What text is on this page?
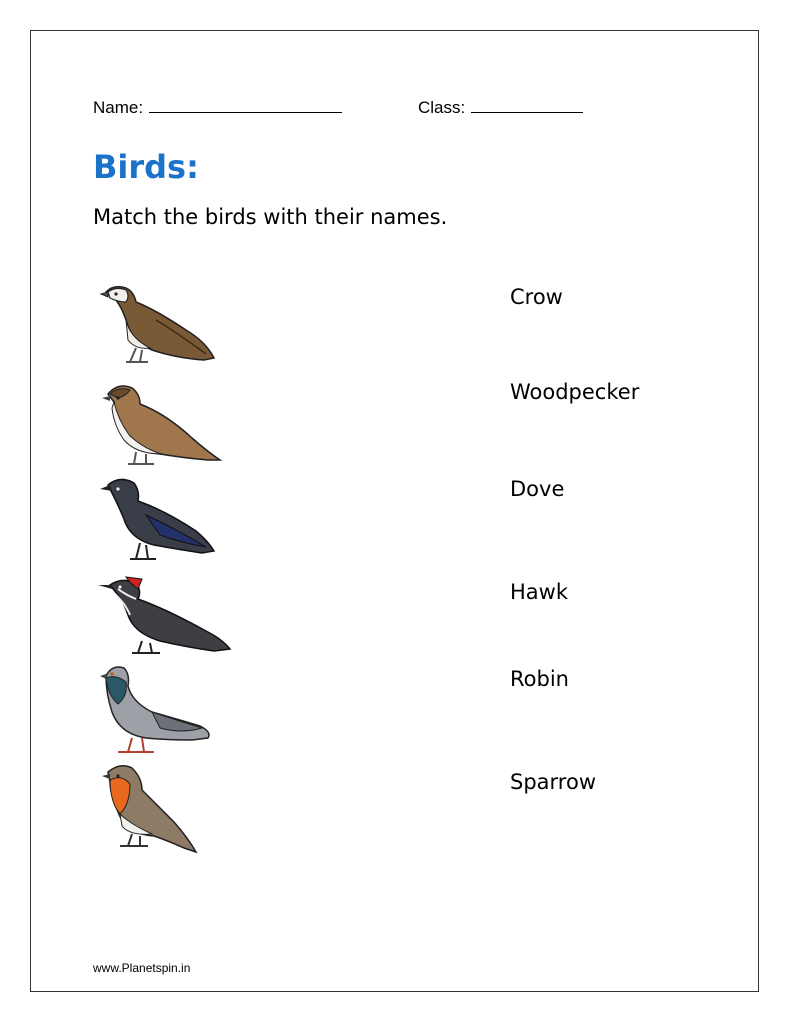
Name:	Class:
Birds:
Match the birds with their names.
Crow
Woodpecker
Dove
Hawk
Robin
Sparrow
www.Planetspin.in
